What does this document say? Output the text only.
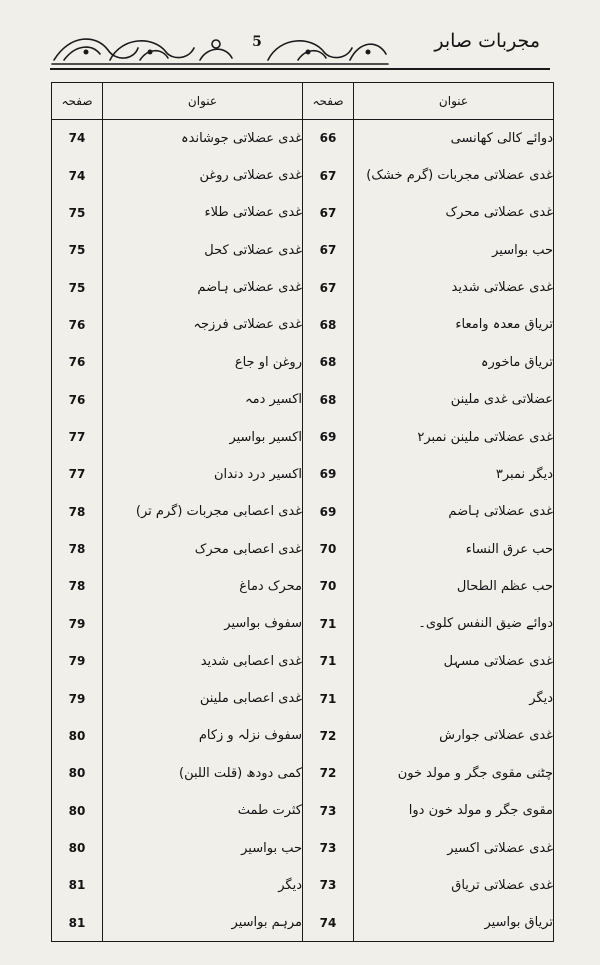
5	مجربات صابر
عنوان	صفحہ	عنوان	صفحہ
دوائے کالی کھانسی	66	غدی عضلاتی جوشاندہ	74
غدی عضلاتی مجربات (گرم خشک)	67	غدی عضلاتی روغن	74
غدی عضلاتی محرک	67	غدی عضلاتی طلاء	75
حب بواسیر	67	غدی عضلاتی کحل	75
غدی عضلاتی شدید	67	غدی عضلاتی ہاضم	75
تریاق معدہ وامعاء	68	غدی عضلاتی فرزجہ	76
تریاق ماخورہ	68	روغن او جاع	76
عضلاتی غدی ملینن	68	اکسیر دمہ	76
غدی عضلاتی ملینن نمبر۲	69	اکسیر بواسیر	77
دیگر نمبر۳	69	اکسیر درد دندان	77
غدی عضلاتی ہاضم	69	غدی اعصابی مجربات (گرم تر)	78
حب عرق النساء	70	غدی اعصابی محرک	78
حب عظم الطحال	70	محرک دماغ	78
دوائے ضیق النفس کلوی۔	71	سفوف بواسیر	79
غدی عضلاتی مسہل	71	غدی اعصابی شدید	79
دیگر	71	غدی اعصابی ملینن	79
غدی عضلاتی جوارش	72	سفوف نزلہ و زکام	80
چٹنی مقوی جگر و مولد خون	72	کمی دودھ (قلت اللبن)	80
مقوی جگر و مولد خون دوا	73	کثرت طمث	80
غدی عضلاتی اکسیر	73	حب بواسیر	80
غدی عضلاتی تریاق	73	دیگر	81
تریاق بواسیر	74	مرہم بواسیر	81
